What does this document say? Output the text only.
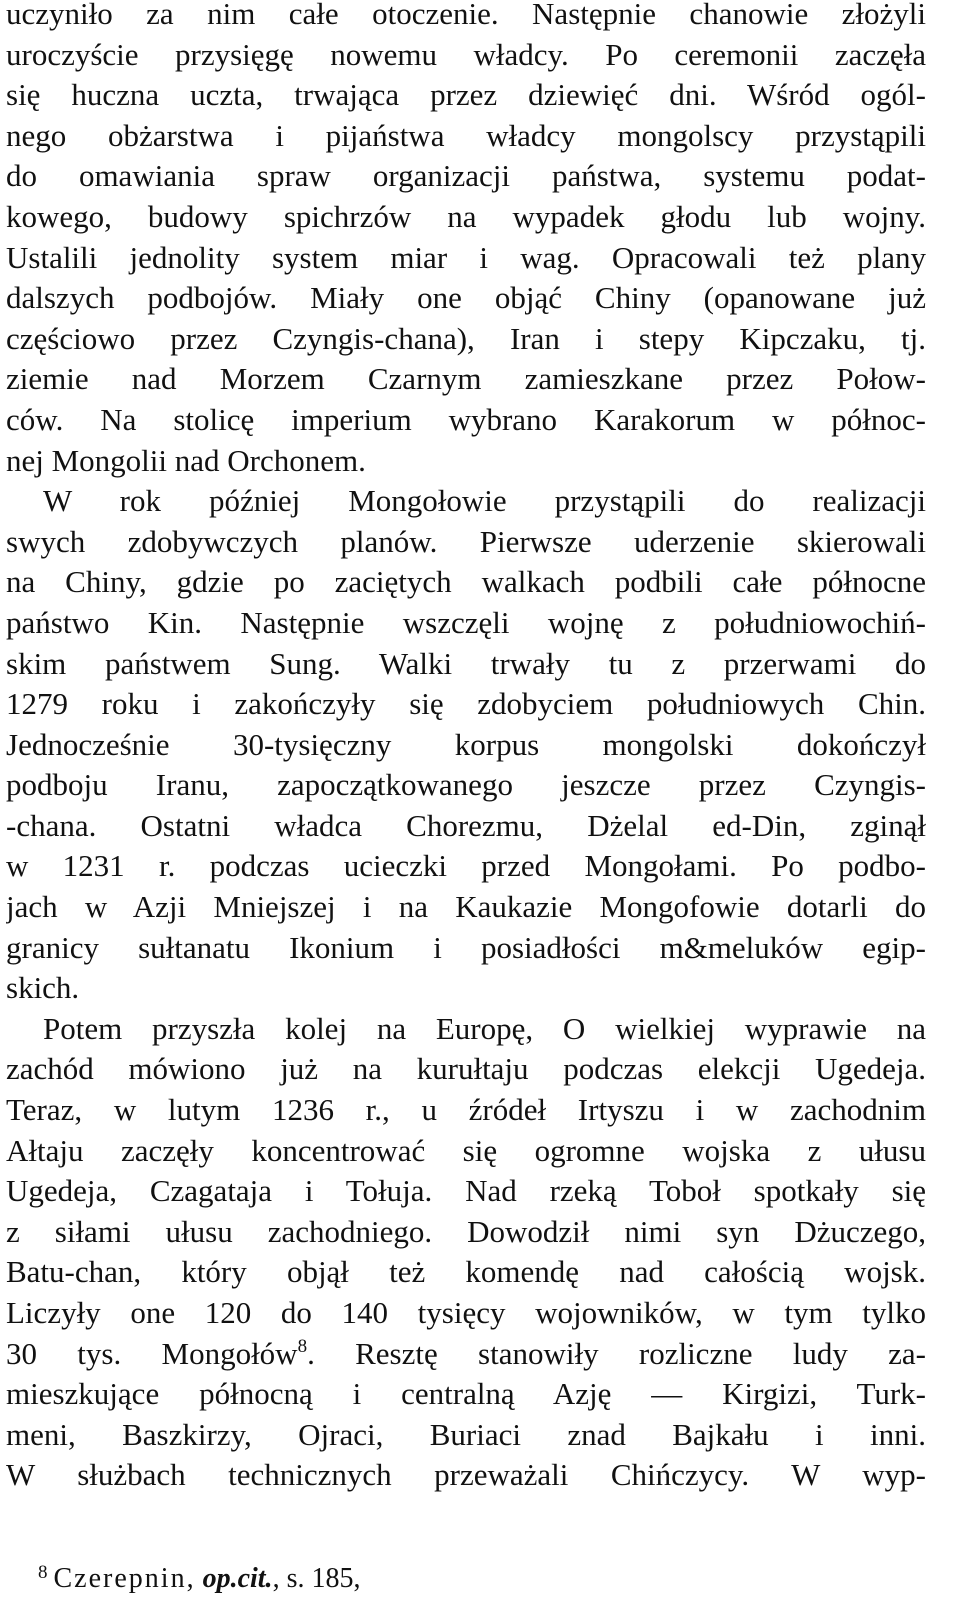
uczyniło za nim całe otoczenie. Następnie chanowie złożyli
uroczyście przysięgę nowemu władcy. Po ceremonii zaczęła
się huczna uczta, trwająca przez dziewięć dni. Wśród ogól-
nego obżarstwa i pijaństwa władcy mongolscy przystąpili
do omawiania spraw organizacji państwa, systemu podat-
kowego, budowy spichrzów na wypadek głodu lub wojny.
Ustalili jednolity system miar i wag. Opracowali też plany
dalszych podbojów. Miały one objąć Chiny (opanowane już
częściowo przez Czyngis-chana), Iran i stepy Kipczaku, tj.
ziemie nad Morzem Czarnym zamieszkane przez Połow-
ców. Na stolicę imperium wybrano Karakorum w północ-
nej Mongolii nad Orchonem.
W rok później Mongołowie przystąpili do realizacji
swych zdobywczych planów. Pierwsze uderzenie skierowali
na Chiny, gdzie po zaciętych walkach podbili całe północne
państwo Kin. Następnie wszczęli wojnę z południowochiń-
skim państwem Sung. Walki trwały tu z przerwami do
1279 roku i zakończyły się zdobyciem południowych Chin.
Jednocześnie 30-tysięczny korpus mongolski dokończył
podboju Iranu, zapoczątkowanego jeszcze przez Czyngis-
-chana. Ostatni władca Chorezmu, Dżelal ed-Din, zginął
w 1231 r. podczas ucieczki przed Mongołami. Po podbo-
jach w Azji Mniejszej i na Kaukazie Mongofowie dotarli do
granicy sułtanatu Ikonium i posiadłości m&meluków egip-
skich.
Potem przyszła kolej na Europę, O wielkiej wyprawie na
zachód mówiono już na kurułtaju podczas elekcji Ugedeja.
Teraz, w lutym 1236 r., u źródeł Irtyszu i w zachodnim
Ałtaju zaczęły koncentrować się ogromne wojska z ułusu
Ugedeja, Czagataja i Tołuja. Nad rzeką Toboł spotkały się
z siłami ułusu zachodniego. Dowodził nimi syn Dżuczego,
Batu-chan, który objął też komendę nad całością wojsk.
Liczyły one 120 do 140 tysięcy wojowników, w tym tylko
30 tys. Mongołów$^8$. Resztę stanowiły rozliczne ludy za-
mieszkujące północną i centralną Azję — Kirgizi, Turk-
meni, Baszkirzy, Ojraci, Buriaci znad Bajkału i inni.
W służbach technicznych przeważali Chińczycy. W wyp-
$^8$ Czerepnin, op.cit., s. 185,
